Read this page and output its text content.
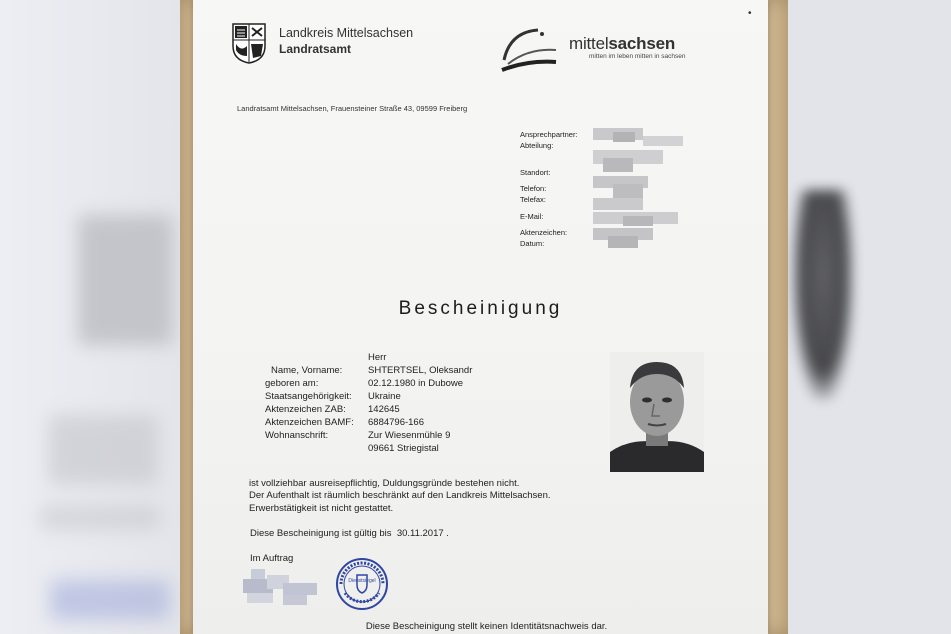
•
Landkreis Mittelsachsen
Landratsamt	mittelsachsen
mitten im leben mitten in sachsen
Landratsamt Mittelsachsen, Frauensteiner Straße 43, 09599 Freiberg
Ansprechpartner:
Abteilung:
Standort:
Telefon:
Telefax:
E-Mail:
Aktenzeichen:
Datum:
Bescheinigung
Herr
Name, Vorname:	SHTERTSEL, Oleksandr
geboren am:	02.12.1980 in Dubowe
Staatsangehörigkeit: Ukraine
Aktenzeichen ZAB: 142645
Aktenzeichen BAMF: 6884796-166
Wohnanschrift:	Zur Wiesenmühle 9
09661 Striegistal
ist vollziehbar ausreisepflichtig, Duldungsgründe bestehen nicht.
Der Aufenthalt ist räumlich beschränkt auf den Landkreis Mittelsachsen.
Erwerbstätigkeit ist nicht gestattet.
Diese Bescheinigung ist gültig bis 30.11.2017 .
Im Auftrag
Dienstsiegel
Diese Bescheinigung stellt keinen Identitätsnachweis dar.
